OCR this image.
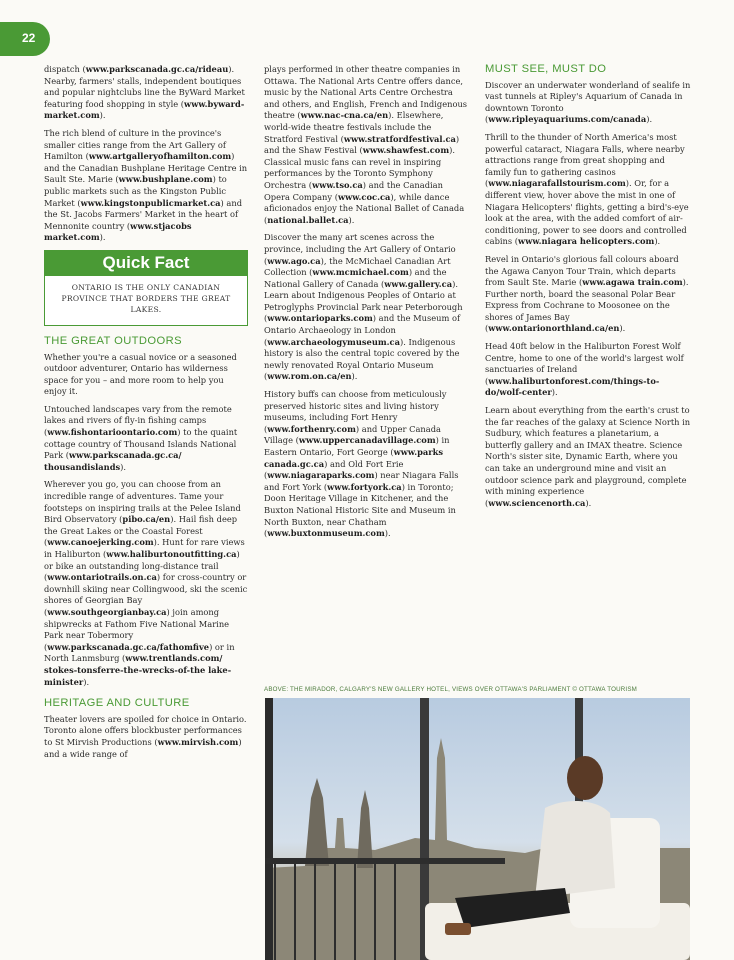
22

dispatch (www.parkscanada.gc.ca/rideau). Nearby, farmers' stalls, independent boutiques and popular nightclubs line the ByWard Market featuring food shopping in style (www.byward-market.com).

The rich blend of culture in the province's smaller cities range from the Art Gallery of Hamilton (www.artgalleryofhamilton.com) and the Canadian Bushplane Heritage Centre in Sault Ste. Marie (www.bushplane.com) to public markets such as the Kingston Public Market (www.kingstonpublicmarket.ca) and the St. Jacobs Farmers' Market in the heart of Mennonite country (www.stjacobs market.com).

Quick Fact
ONTARIO IS THE ONLY CANADIAN PROVINCE THAT BORDERS THE GREAT LAKES.
THE GREAT OUTDOORS

Whether you're a casual novice or a seasoned outdoor adventurer, Ontario has wilderness space for you – and more room to help you enjoy it.

Untouched landscapes vary from the remote lakes and rivers of fly-in fishing camps (www.fishontarioontario.com) to the quaint cottage country of Thousand Islands National Park (www.parkscanada.gc.ca/ thousandislands).

Wherever you go, you can choose from an incredible range of adventures. Tame your footsteps on inspiring trails at the Pelee Island Bird Observatory (pibo.ca/en). Hail fish deep the Great Lakes or the Coastal Forest (www.canoejerking.com). Hunt for rare views in Haliburton (www.haliburtonoutfitting.ca) or bike an outstanding long-distance trail (www.ontariotrails.on.ca) for cross-country or downhill skiing near Collingwood, ski the scenic shores of Georgian Bay (www.southgeorgianbay.ca) join among shipwrecks at Fathom Five National Marine Park near Tobermory (www.parkscanada.gc.ca/fathomfive) or in North Lanmsburg (www.trentlands.com/ stokes-tonsferre-the-wrecks-of-the lake-minister).

HERITAGE AND CULTURE

Theater lovers are spoiled for choice in Ontario. Toronto alone offers blockbuster performances to St Mirvish Productions (www.mirvish.com) and a wide range of

plays performed in other theatre companies in Ottawa. The National Arts Centre offers dance, music by the National Arts Centre Orchestra and others, and English, French and Indigenous theatre (www.nac-cna.ca/en). Elsewhere, world-wide theatre festivals include the Stratford Festival (www.stratfordfestival.ca) and the Shaw Festival (www.shawfest.com). Classical music fans can revel in inspiring performances by the Toronto Symphony Orchestra (www.tso.ca) and the Canadian Opera Company (www.coc.ca), while dance aficionados enjoy the National Ballet of Canada (national.ballet.ca).

Discover the many art scenes across the province, including the Art Gallery of Ontario (www.ago.ca), the McMichael Canadian Art Collection (www.mcmichael.com) and the National Gallery of Canada (www.gallery.ca). Learn about Indigenous Peoples of Ontario at Petroglyphs Provincial Park near Peterborough (www.ontarioparks.com) and the Museum of Ontario Archaeology in London (www.archaeologymuseum.ca). Indigenous history is also the central topic covered by the newly renovated Royal Ontario Museum (www.rom.on.ca/en).

History buffs can choose from meticulously preserved historic sites and living history museums, including Fort Henry (www.forthenry.com) and Upper Canada Village (www.uppercanadavillage.com) in Eastern Ontario, Fort George (www.parks canada.gc.ca) and Old Fort Erie (www.niagaraparks.com) near Niagara Falls and Fort York (www.fortyork.ca) in Toronto; Doon Heritage Village in Kitchener, and the Buxton National Historic Site and Museum in North Buxton, near Chatham (www.buxtonmuseum.com).

MUST SEE, MUST DO

Discover an underwater wonderland of sealife in vast tunnels at Ripley's Aquarium of Canada in downtown Toronto (www.ripleyaquariums.com/canada).

Thrill to the thunder of North America's most powerful cataract, Niagara Falls, where nearby attractions range from great shopping and family fun to gathering casinos (www.niagarafallstourism.com). Or, for a different view, hover above the mist in one of Niagara Helicopters' flights, getting a bird's-eye look at the area, with the added comfort of air-conditioning, power to see doors and controlled cabins (www.niagara helicopters.com).

Revel in Ontario's glorious fall colours aboard the Agawa Canyon Tour Train, which departs from Sault Ste. Marie (www.agawa train.com). Further north, board the seasonal Polar Bear Express from Cochrane to Moosonee on the shores of James Bay (www.ontarionorthland.ca/en).

Head 40ft below in the Haliburton Forest Wolf Centre, home to one of the world's largest wolf sanctuaries of Ireland (www.haliburtonforest.com/things-to-do/wolf-center).

Learn about everything from the earth's crust to the far reaches of the galaxy at Science North in Sudbury, which features a planetarium, a butterfly gallery and an IMAX theatre. Science North's sister site, Dynamic Earth, where you can take an underground mine and visit an outdoor science park and playground, complete with mining experience (www.sciencenorth.ca).

ABOVE: THE MIRADOR, CALGARY'S NEW GALLERY HOTEL, VIEWS OVER OTTAWA'S PARLIAMENT © OTTAWA TOURISM
